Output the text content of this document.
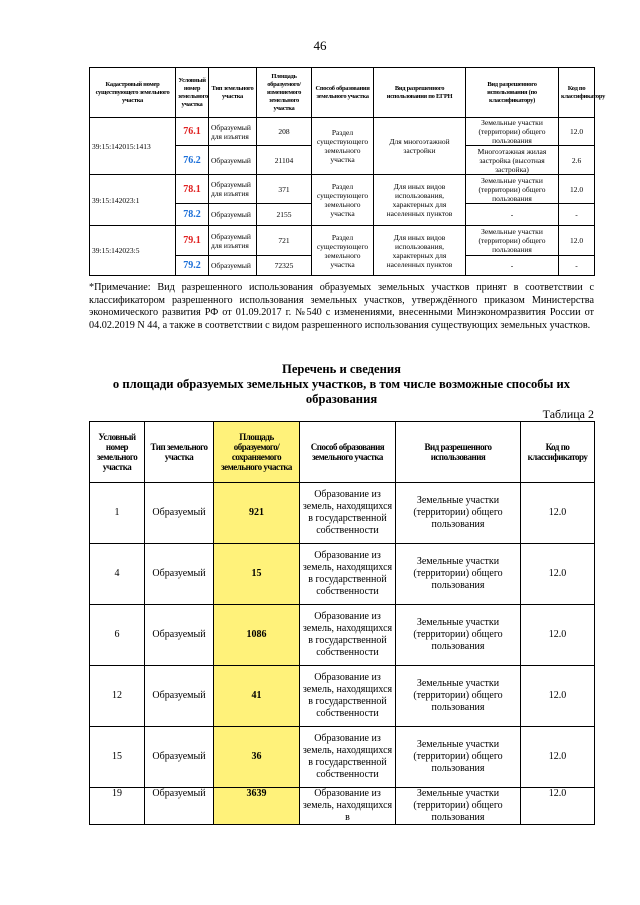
46
Кадастровый номер существующего земельного участка	Условный номер земельного участка	Тип земельного участка	Площадь образуемого/ изменяемого земельного участка	Способ образования земельного участка	Вид разрешенного использования по ЕГРН	Вид разрешенного использования (по классификатору)	Код по классификатору
39:15:142015:1413	76.1	Образуемый для изъятия	208	Раздел существующего земельного участка	Для многоэтажной застройки	Земельные участки (территории) общего пользования	12.0
	76.2	Образуемый	21104			Многоэтажная жилая застройка (высотная застройка)	2.6
39:15:142023:1	78.1	Образуемый для изъятия	371	Раздел существующего земельного участка	Для иных видов использования, характерных для населенных пунктов	Земельные участки (территории) общего пользования	12.0
	78.2	Образуемый	2155			-	-
39:15:142023:5	79.1	Образуемый для изъятия	721	Раздел существующего земельного участка	Для иных видов использования, характерных для населенных пунктов	Земельные участки (территории) общего пользования	12.0
	79.2	Образуемый	72325			-	-
*Примечание: Вид разрешенного использования образуемых земельных участков принят в соответствии с классификатором разрешенного использования земельных участков, утверждённого приказом Министерства экономического развития РФ от 01.09.2017 г. №540 с изменениями, внесенными Минэкономразвития России от 04.02.2019 N 44, а также в соответствии с видом разрешенного использования существующих земельных участков.
Перечень и сведения
о площади образуемых земельных участков, в том числе возможные способы их образования
Таблица 2
Условный номер земельного участка	Тип земельного участка	Площадь образуемого/ сохраняемого земельного участка	Способ образования земельного участка	Вид разрешенного использования	Код по классификатору
1	Образуемый	921	Образование из земель, находящихся в государственной собственности	Земельные участки (территории) общего пользования	12.0
4	Образуемый	15	Образование из земель, находящихся в государственной собственности	Земельные участки (территории) общего пользования	12.0
6	Образуемый	1086	Образование из земель, находящихся в государственной собственности	Земельные участки (территории) общего пользования	12.0
12	Образуемый	41	Образование из земель, находящихся в государственной собственности	Земельные участки (территории) общего пользования	12.0
15	Образуемый	36	Образование из земель, находящихся в государственной собственности	Земельные участки (территории) общего пользования	12.0
19	Образуемый	3639	Образование из земель, находящихся в	Земельные участки (территории) общего пользования	12.0
